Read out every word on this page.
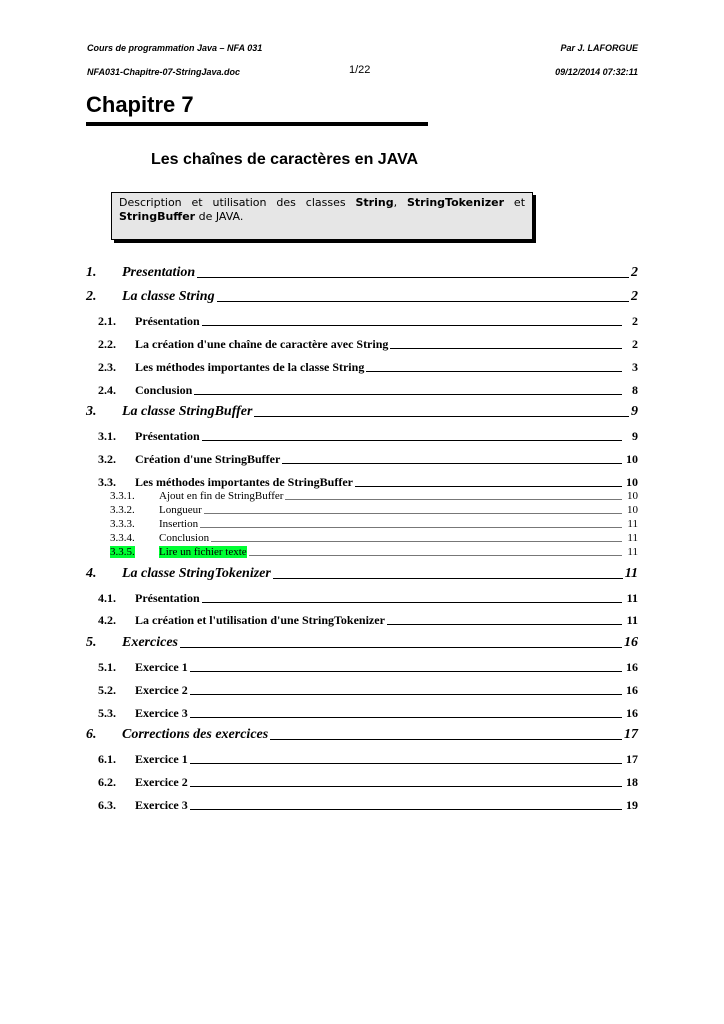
Cours de programmation Java – NFA 031	Par J. LAFORGUE
NFA031-Chapitre-07-StringJava.doc	1/22	09/12/2014 07:32:11
Chapitre 7
Les chaînes de caractères en JAVA
Description et utilisation des classes String, StringTokenizer et StringBuffer de JAVA.
1.	Presentation	2
2.	La classe String	2
2.1.	Présentation	2
2.2.	La création d'une chaîne de caractère avec String	2
2.3.	Les méthodes importantes de la classe String	3
2.4.	Conclusion	8
3.	La classe StringBuffer	9
3.1.	Présentation	9
3.2.	Création d'une StringBuffer	10
3.3.	Les méthodes importantes de StringBuffer	10
3.3.1.	Ajout en fin de StringBuffer	10
3.3.2.	Longueur	10
3.3.3.	Insertion	11
3.3.4.	Conclusion	11
3.3.5.	Lire un fichier texte	11
4.	La classe StringTokenizer	11
4.1.	Présentation	11
4.2.	La création et l'utilisation d'une StringTokenizer	11
5.	Exercices	16
5.1.	Exercice 1	16
5.2.	Exercice 2	16
5.3.	Exercice 3	16
6.	Corrections des exercices	17
6.1.	Exercice 1	17
6.2.	Exercice 2	18
6.3.	Exercice 3	19
